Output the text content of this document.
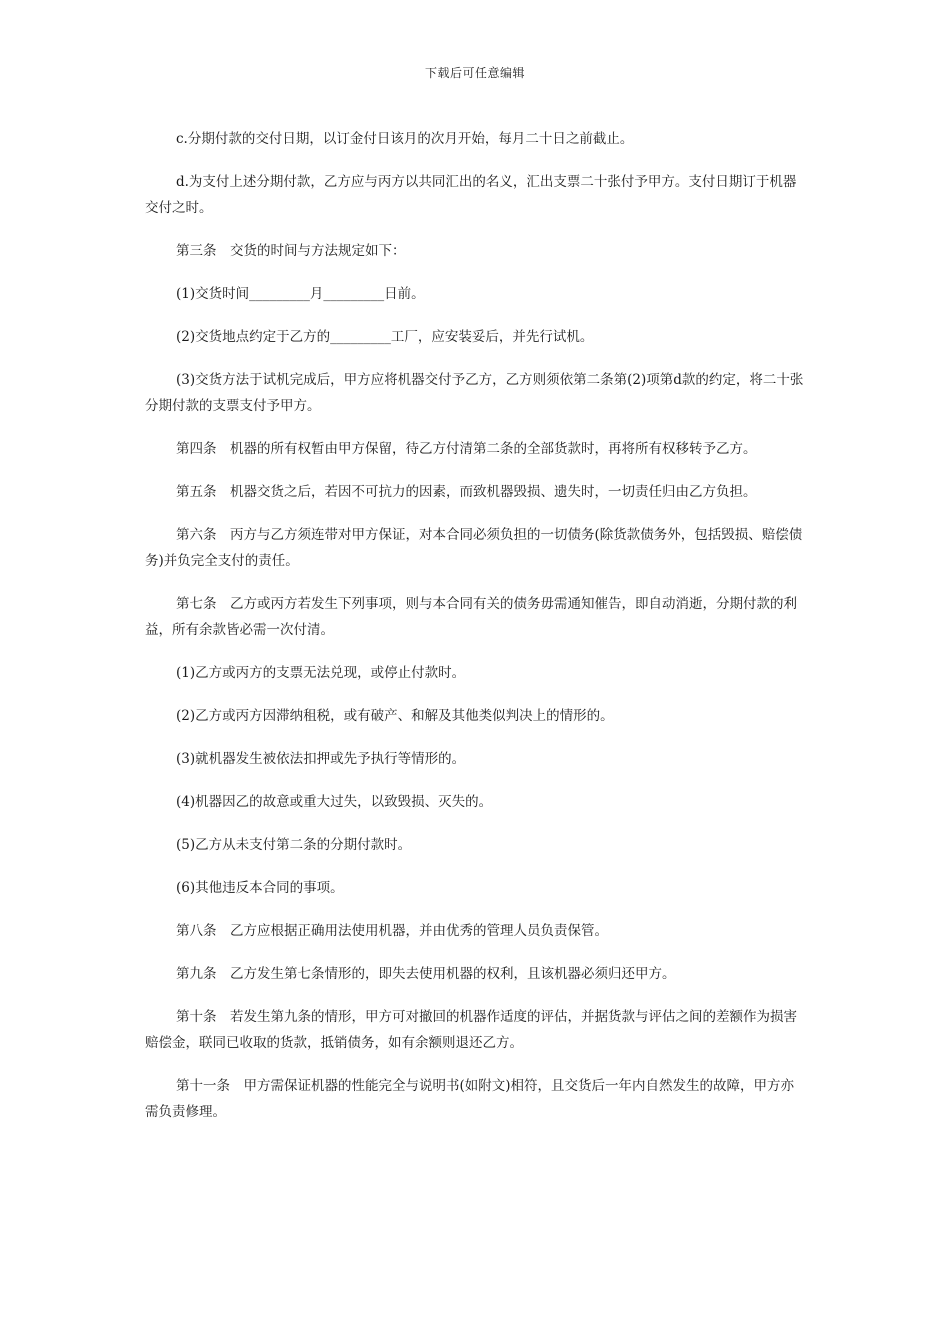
下载后可任意编辑

c.分期付款的交付日期，以订金付日该月的次月开始，每月二十日之前截止。

d.为支付上述分期付款，乙方应与丙方以共同汇出的名义，汇出支票二十张付予甲方。支付日期订于机器交付之时。

第三条　交货的时间与方法规定如下：

(1)交货时间_________月_________日前。

(2)交货地点约定于乙方的_________工厂，应安装妥后，并先行试机。

(3)交货方法于试机完成后，甲方应将机器交付予乙方，乙方则须依第二条第(2)项第d款的约定，将二十张分期付款的支票支付予甲方。

第四条　机器的所有权暂由甲方保留，待乙方付清第二条的全部货款时，再将所有权移转予乙方。

第五条　机器交货之后，若因不可抗力的因素，而致机器毁损、遗失时，一切责任归由乙方负担。

第六条　丙方与乙方须连带对甲方保证，对本合同必须负担的一切债务(除货款债务外，包括毁损、赔偿债务)并负完全支付的责任。

第七条　乙方或丙方若发生下列事项，则与本合同有关的债务毋需通知催告，即自动消逝，分期付款的利益，所有余款皆必需一次付清。

(1)乙方或丙方的支票无法兑现，或停止付款时。

(2)乙方或丙方因滞纳租税，或有破产、和解及其他类似判决上的情形的。

(3)就机器发生被依法扣押或先予执行等情形的。

(4)机器因乙的故意或重大过失，以致毁损、灭失的。

(5)乙方从未支付第二条的分期付款时。

(6)其他违反本合同的事项。

第八条　乙方应根据正确用法使用机器，并由优秀的管理人员负责保管。

第九条　乙方发生第七条情形的，即失去使用机器的权利，且该机器必须归还甲方。

第十条　若发生第九条的情形，甲方可对撤回的机器作适度的评估，并据货款与评估之间的差额作为损害赔偿金，联同已收取的货款，抵销债务，如有余额则退还乙方。

第十一条　甲方需保证机器的性能完全与说明书(如附文)相符，且交货后一年内自然发生的故障，甲方亦需负责修理。
